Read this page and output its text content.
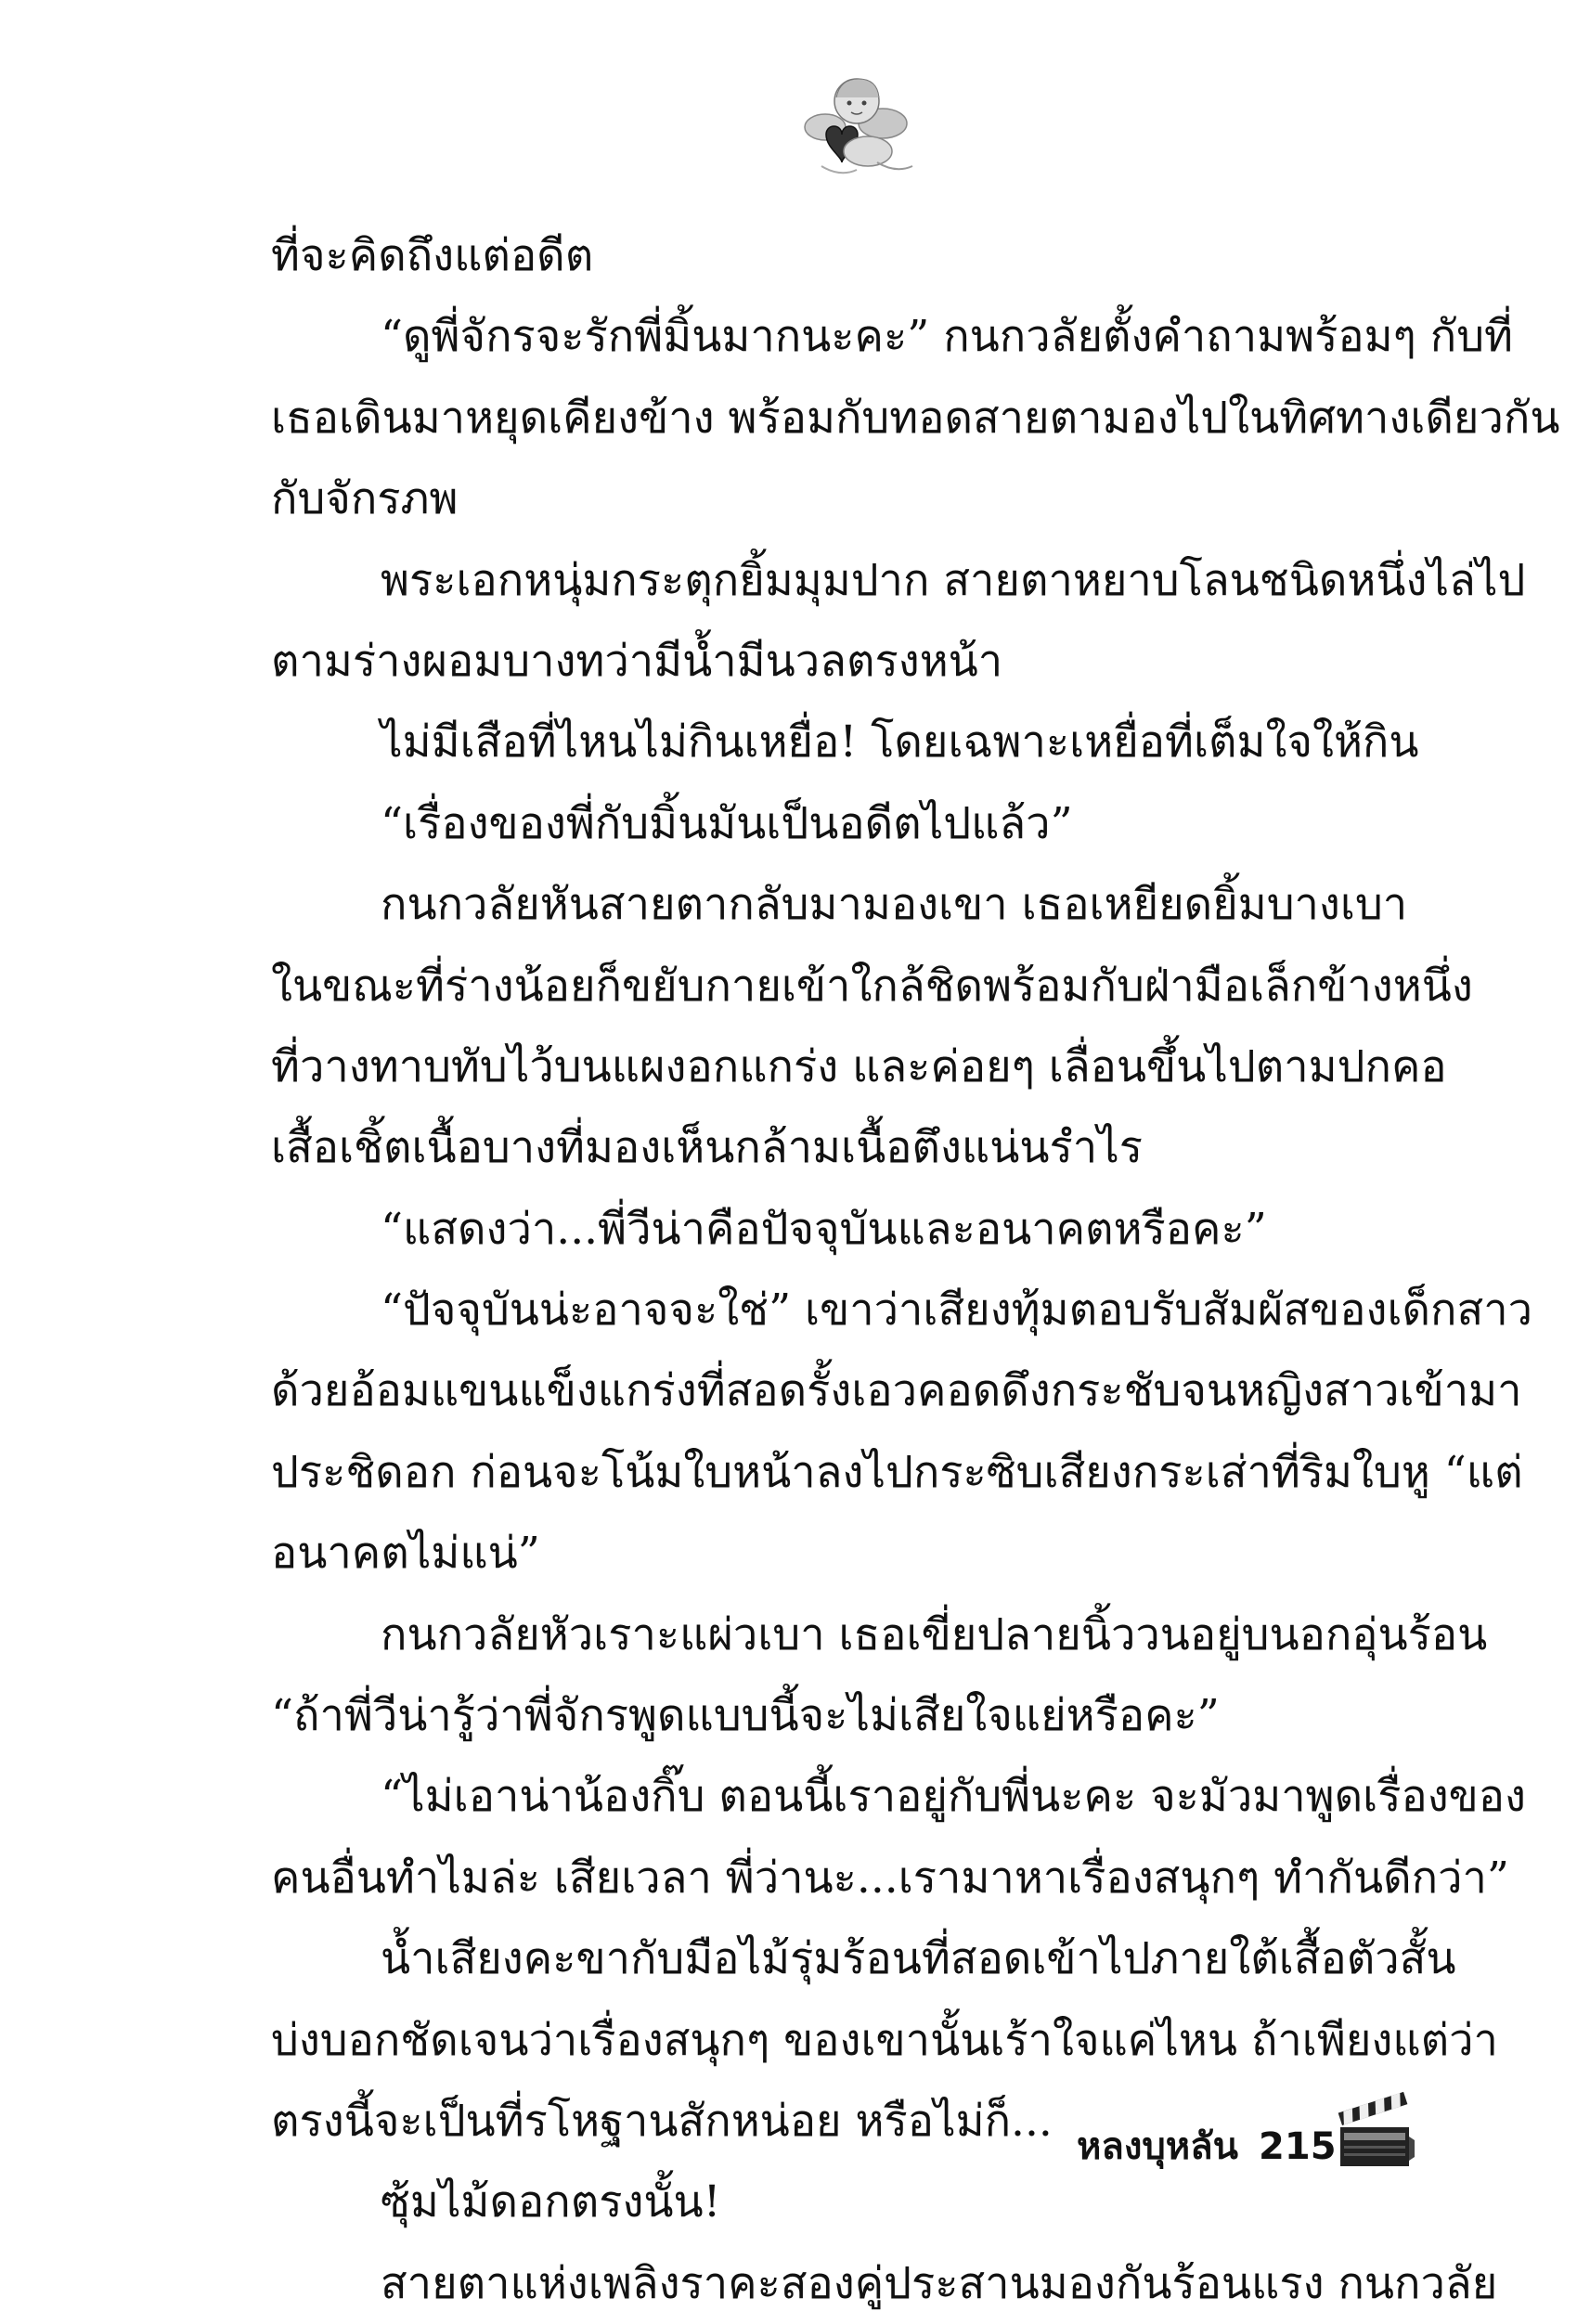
ที่จะคิดถึงแต่อดีต
“ดูพี่จักรจะรักพี่มิ้นมากนะคะ” กนกวลัยตั้งคำถามพร้อมๆ กับที่
เธอเดินมาหยุดเคียงข้าง พร้อมกับทอดสายตามองไปในทิศทางเดียวกัน
กับจักรภพ
พระเอกหนุ่มกระตุกยิ้มมุมปาก สายตาหยาบโลนชนิดหนึ่งไล่ไป
ตามร่างผอมบางทว่ามีน้ำมีนวลตรงหน้า
ไม่มีเสือที่ไหนไม่กินเหยื่อ! โดยเฉพาะเหยื่อที่เต็มใจให้กิน
“เรื่องของพี่กับมิ้นมันเป็นอดีตไปแล้ว”
กนกวลัยหันสายตากลับมามองเขา เธอเหยียดยิ้มบางเบา
ในขณะที่ร่างน้อยก็ขยับกายเข้าใกล้ชิดพร้อมกับฝ่ามือเล็กข้างหนึ่ง
ที่วางทาบทับไว้บนแผงอกแกร่ง และค่อยๆ เลื่อนขึ้นไปตามปกคอ
เสื้อเชิ้ตเนื้อบางที่มองเห็นกล้ามเนื้อตึงแน่นรำไร
“แสดงว่า...พี่วีน่าคือปัจจุบันและอนาคตหรือคะ”
“ปัจจุบันน่ะอาจจะใช่” เขาว่าเสียงทุ้มตอบรับสัมผัสของเด็กสาว
ด้วยอ้อมแขนแข็งแกร่งที่สอดรั้งเอวคอดดึงกระชับจนหญิงสาวเข้ามา
ประชิดอก ก่อนจะโน้มใบหน้าลงไปกระซิบเสียงกระเส่าที่ริมใบหู “แต่
อนาคตไม่แน่”
กนกวลัยหัวเราะแผ่วเบา เธอเขี่ยปลายนิ้ววนอยู่บนอกอุ่นร้อน
“ถ้าพี่วีน่ารู้ว่าพี่จักรพูดแบบนี้จะไม่เสียใจแย่หรือคะ”
“ไม่เอาน่าน้องกิ๊บ ตอนนี้เราอยู่กับพี่นะคะ จะมัวมาพูดเรื่องของ
คนอื่นทำไมล่ะ เสียเวลา พี่ว่านะ...เรามาหาเรื่องสนุกๆ ทำกันดีกว่า”
น้ำเสียงคะขากับมือไม้รุ่มร้อนที่สอดเข้าไปภายใต้เสื้อตัวสั้น
บ่งบอกชัดเจนว่าเรื่องสนุกๆ ของเขานั้นเร้าใจแค่ไหน ถ้าเพียงแต่ว่า
ตรงนี้จะเป็นที่รโหฐานสักหน่อย หรือไม่ก็...
ซุ้มไม้ดอกตรงนั้น!
สายตาแห่งเพลิงราคะสองคู่ประสานมองกันร้อนแรง กนกวลัย
หลงบุหลัน 215
